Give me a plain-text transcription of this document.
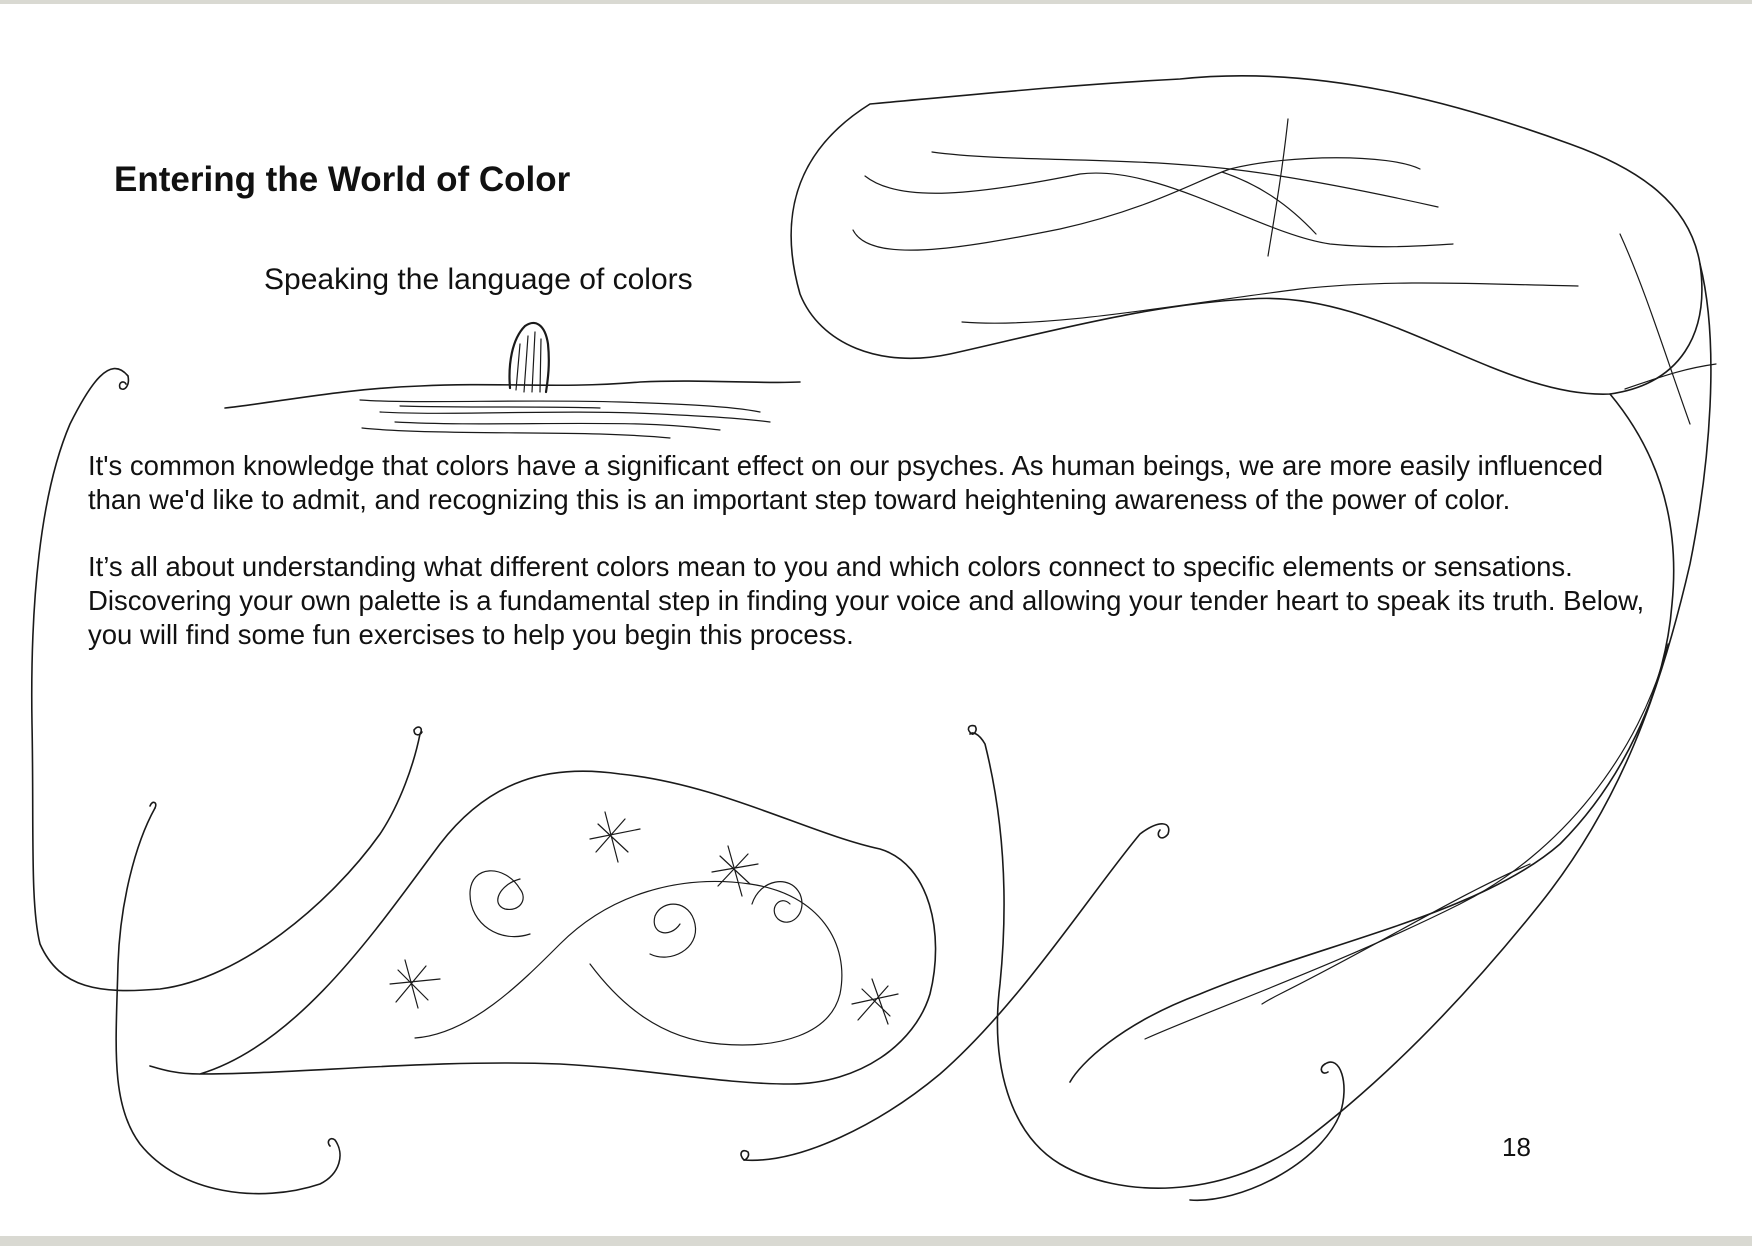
Entering the World of Color
Speaking the language of colors

It's common knowledge that colors have a significant effect on our psyches. As human beings, we are more easily influenced than we'd like to admit, and recognizing this is an important step toward heightening awareness of the power of color.

It’s all about understanding what different colors mean to you and which colors connect to specific elements or sensations. Discovering your own palette is a fundamental step in finding your voice and allowing your tender heart to speak its truth. Below, you will find some fun exercises to help you begin this process.

18
